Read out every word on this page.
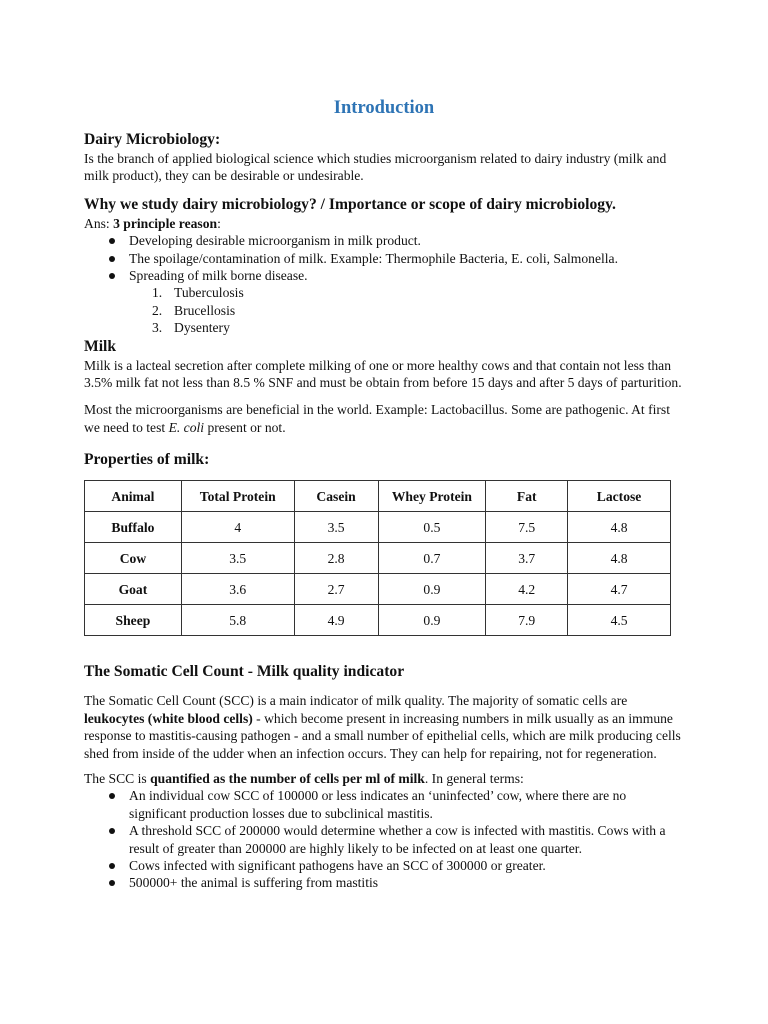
Introduction
Dairy Microbiology:

Is the branch of applied biological science which studies microorganism related to dairy industry (milk and milk product), they can be desirable or undesirable.

Why we study dairy microbiology? / Importance or scope of dairy microbiology.

Ans: 3 principle reason:

Developing desirable microorganism in milk product.
The spoilage/contamination of milk. Example: Thermophile Bacteria, E. coli, Salmonella.
Spreading of milk borne disease.
1. Tuberculosis
2. Brucellosis
3. Dysentery
Milk

Milk is a lacteal secretion after complete milking of one or more healthy cows and that contain not less than 3.5% milk fat not less than 8.5 % SNF and must be obtain from before 15 days and after 5 days of parturition.

Most the microorganisms are beneficial in the world. Example: Lactobacillus. Some are pathogenic. At first we need to test E. coli present or not.

Properties of milk:
Animal	Total Protein	Casein	Whey Protein	Fat	Lactose
Buffalo	4	3.5	0.5	7.5	4.8
Cow	3.5	2.8	0.7	3.7	4.8
Goat	3.6	2.7	0.9	4.2	4.7
Sheep	5.8	4.9	0.9	7.9	4.5
The Somatic Cell Count - Milk quality indicator

The Somatic Cell Count (SCC) is a main indicator of milk quality. The majority of somatic cells are leukocytes (white blood cells) - which become present in increasing numbers in milk usually as an immune response to mastitis-causing pathogen - and a small number of epithelial cells, which are milk producing cells shed from inside of the udder when an infection occurs. They can help for repairing, not for regeneration.

The SCC is quantified as the number of cells per ml of milk. In general terms:

An individual cow SCC of 100000 or less indicates an ‘uninfected’ cow, where there are no significant production losses due to subclinical mastitis.
A threshold SCC of 200000 would determine whether a cow is infected with mastitis. Cows with a result of greater than 200000 are highly likely to be infected on at least one quarter.
Cows infected with significant pathogens have an SCC of 300000 or greater.
500000+ the animal is suffering from mastitis
